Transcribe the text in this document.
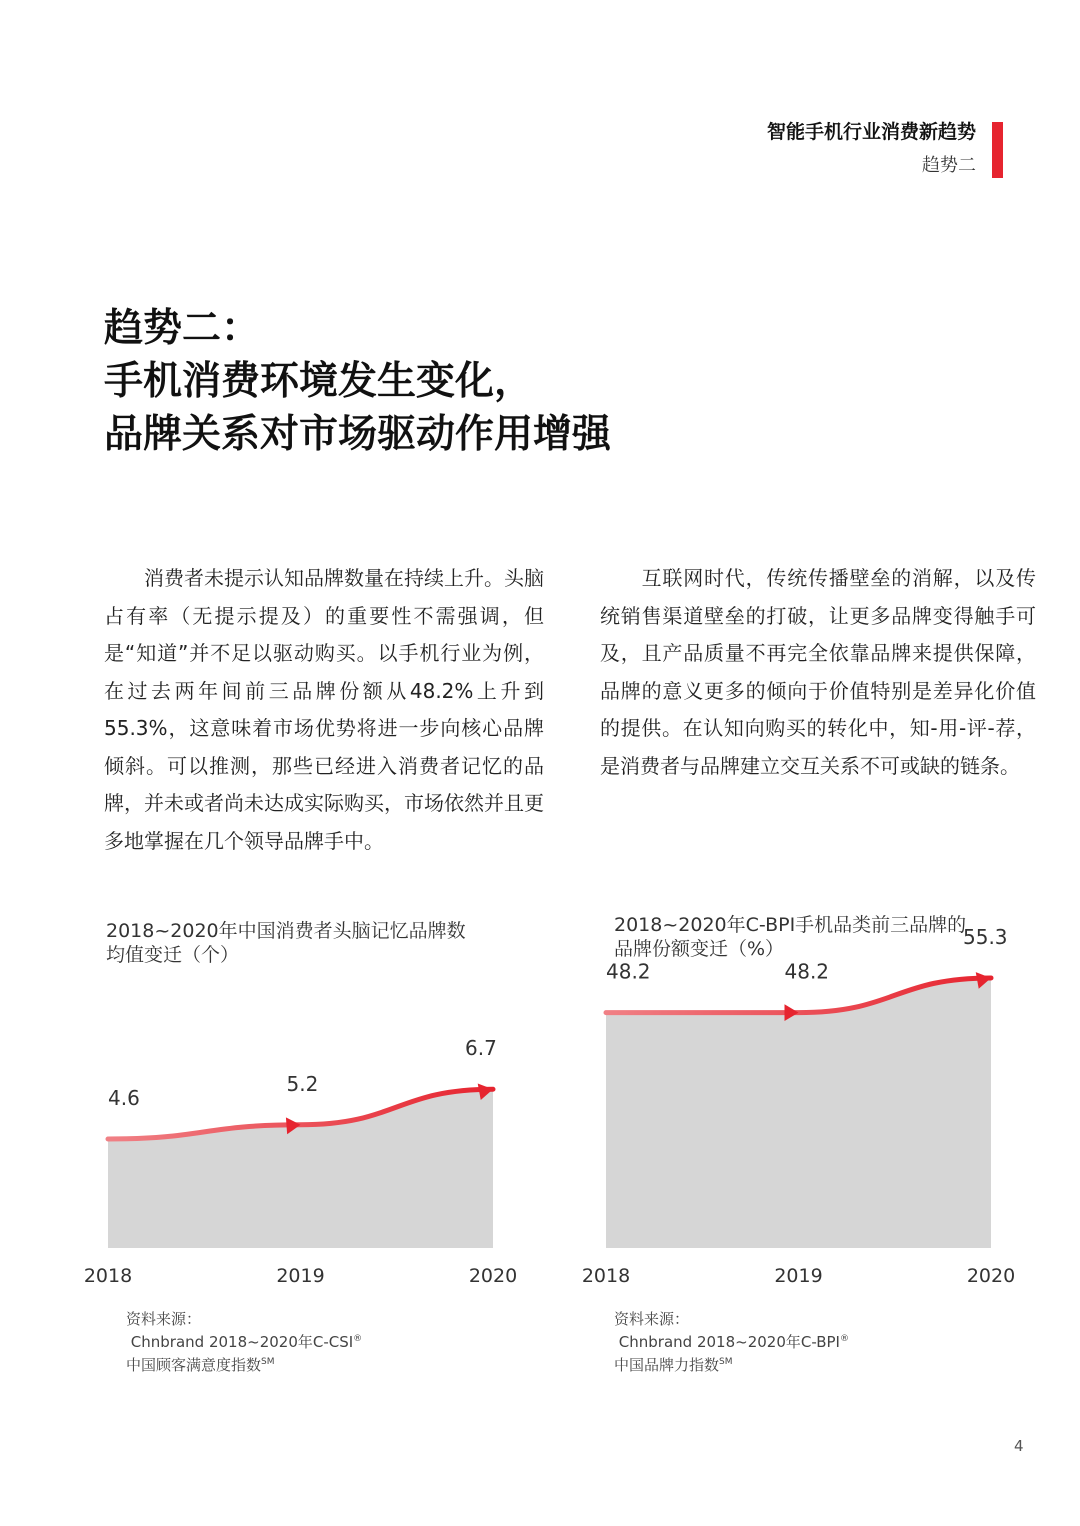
智能手机行业消费新趋势
趋势二
趋势二：
手机消费环境发生变化，
品牌关系对市场驱动作用增强

　　消费者未提示认知品牌数量在持续上升。头脑占有率（无提示提及）的重要性不需强调，但是“知道”并不足以驱动购买。以手机行业为例，在过去两年间前三品牌份额从48.2%上升到55.3%，这意味着市场优势将进一步向核心品牌倾斜。可以推测，那些已经进入消费者记忆的品牌，并未或者尚未达成实际购买，市场依然并且更多地掌握在几个领导品牌手中。

　　互联网时代，传统传播壁垒的消解，以及传统销售渠道壁垒的打破，让更多品牌变得触手可及，且产品质量不再完全依靠品牌来提供保障，品牌的意义更多的倾向于价值特别是差异化价值的提供。在认知向购买的转化中，知-用-评-荐，是消费者与品牌建立交互关系不可或缺的链条。

2018~2020年中国消费者头脑记忆品牌数
均值变迁（个）
4.6
2018
5.2
2019
6.7
2020
2018~2020年C-BPI手机品类前三品牌的
品牌份额变迁（%）
48.2
2018
48.2
2019
55.3
2020
资料来源：
Chnbrand 2018~2020年C-CSI®
中国顾客满意度指数℠
资料来源：
Chnbrand 2018~2020年C-BPI®
中国品牌力指数℠
4
